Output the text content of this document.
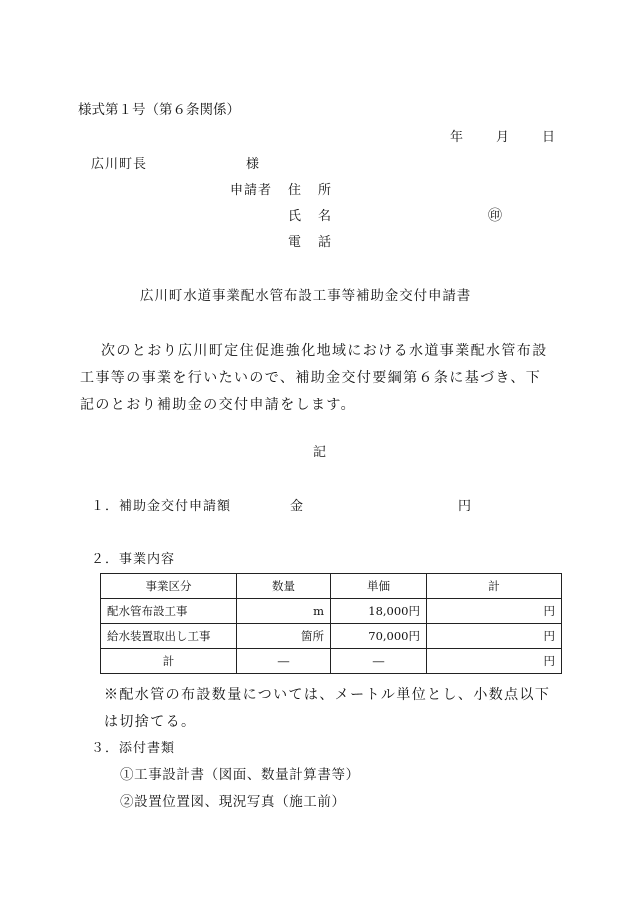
様式第１号（第６条関係）
年	月	日
広川町長	様
申請者 住　所
氏　名	㊞
電　話
広川町水道事業配水管布設工事等補助金交付申請書
次のとおり広川町定住促進強化地域における水道事業配水管布設
工事等の事業を行いたいので、補助金交付要綱第６条に基づき、下
記のとおり補助金の交付申請をします。
記
１．補助金交付申請額	金	円
２．事業内容
事業区分	数量	単価	計
配水管布設工事	m	18,000円	円
給水装置取出し工事	箇所	70,000円	円
計	―	―	円
※配水管の布設数量については、メートル単位とし、小数点以下
は切捨てる。
３．添付書類
①工事設計書（図面、数量計算書等）
②設置位置図、現況写真（施工前）
